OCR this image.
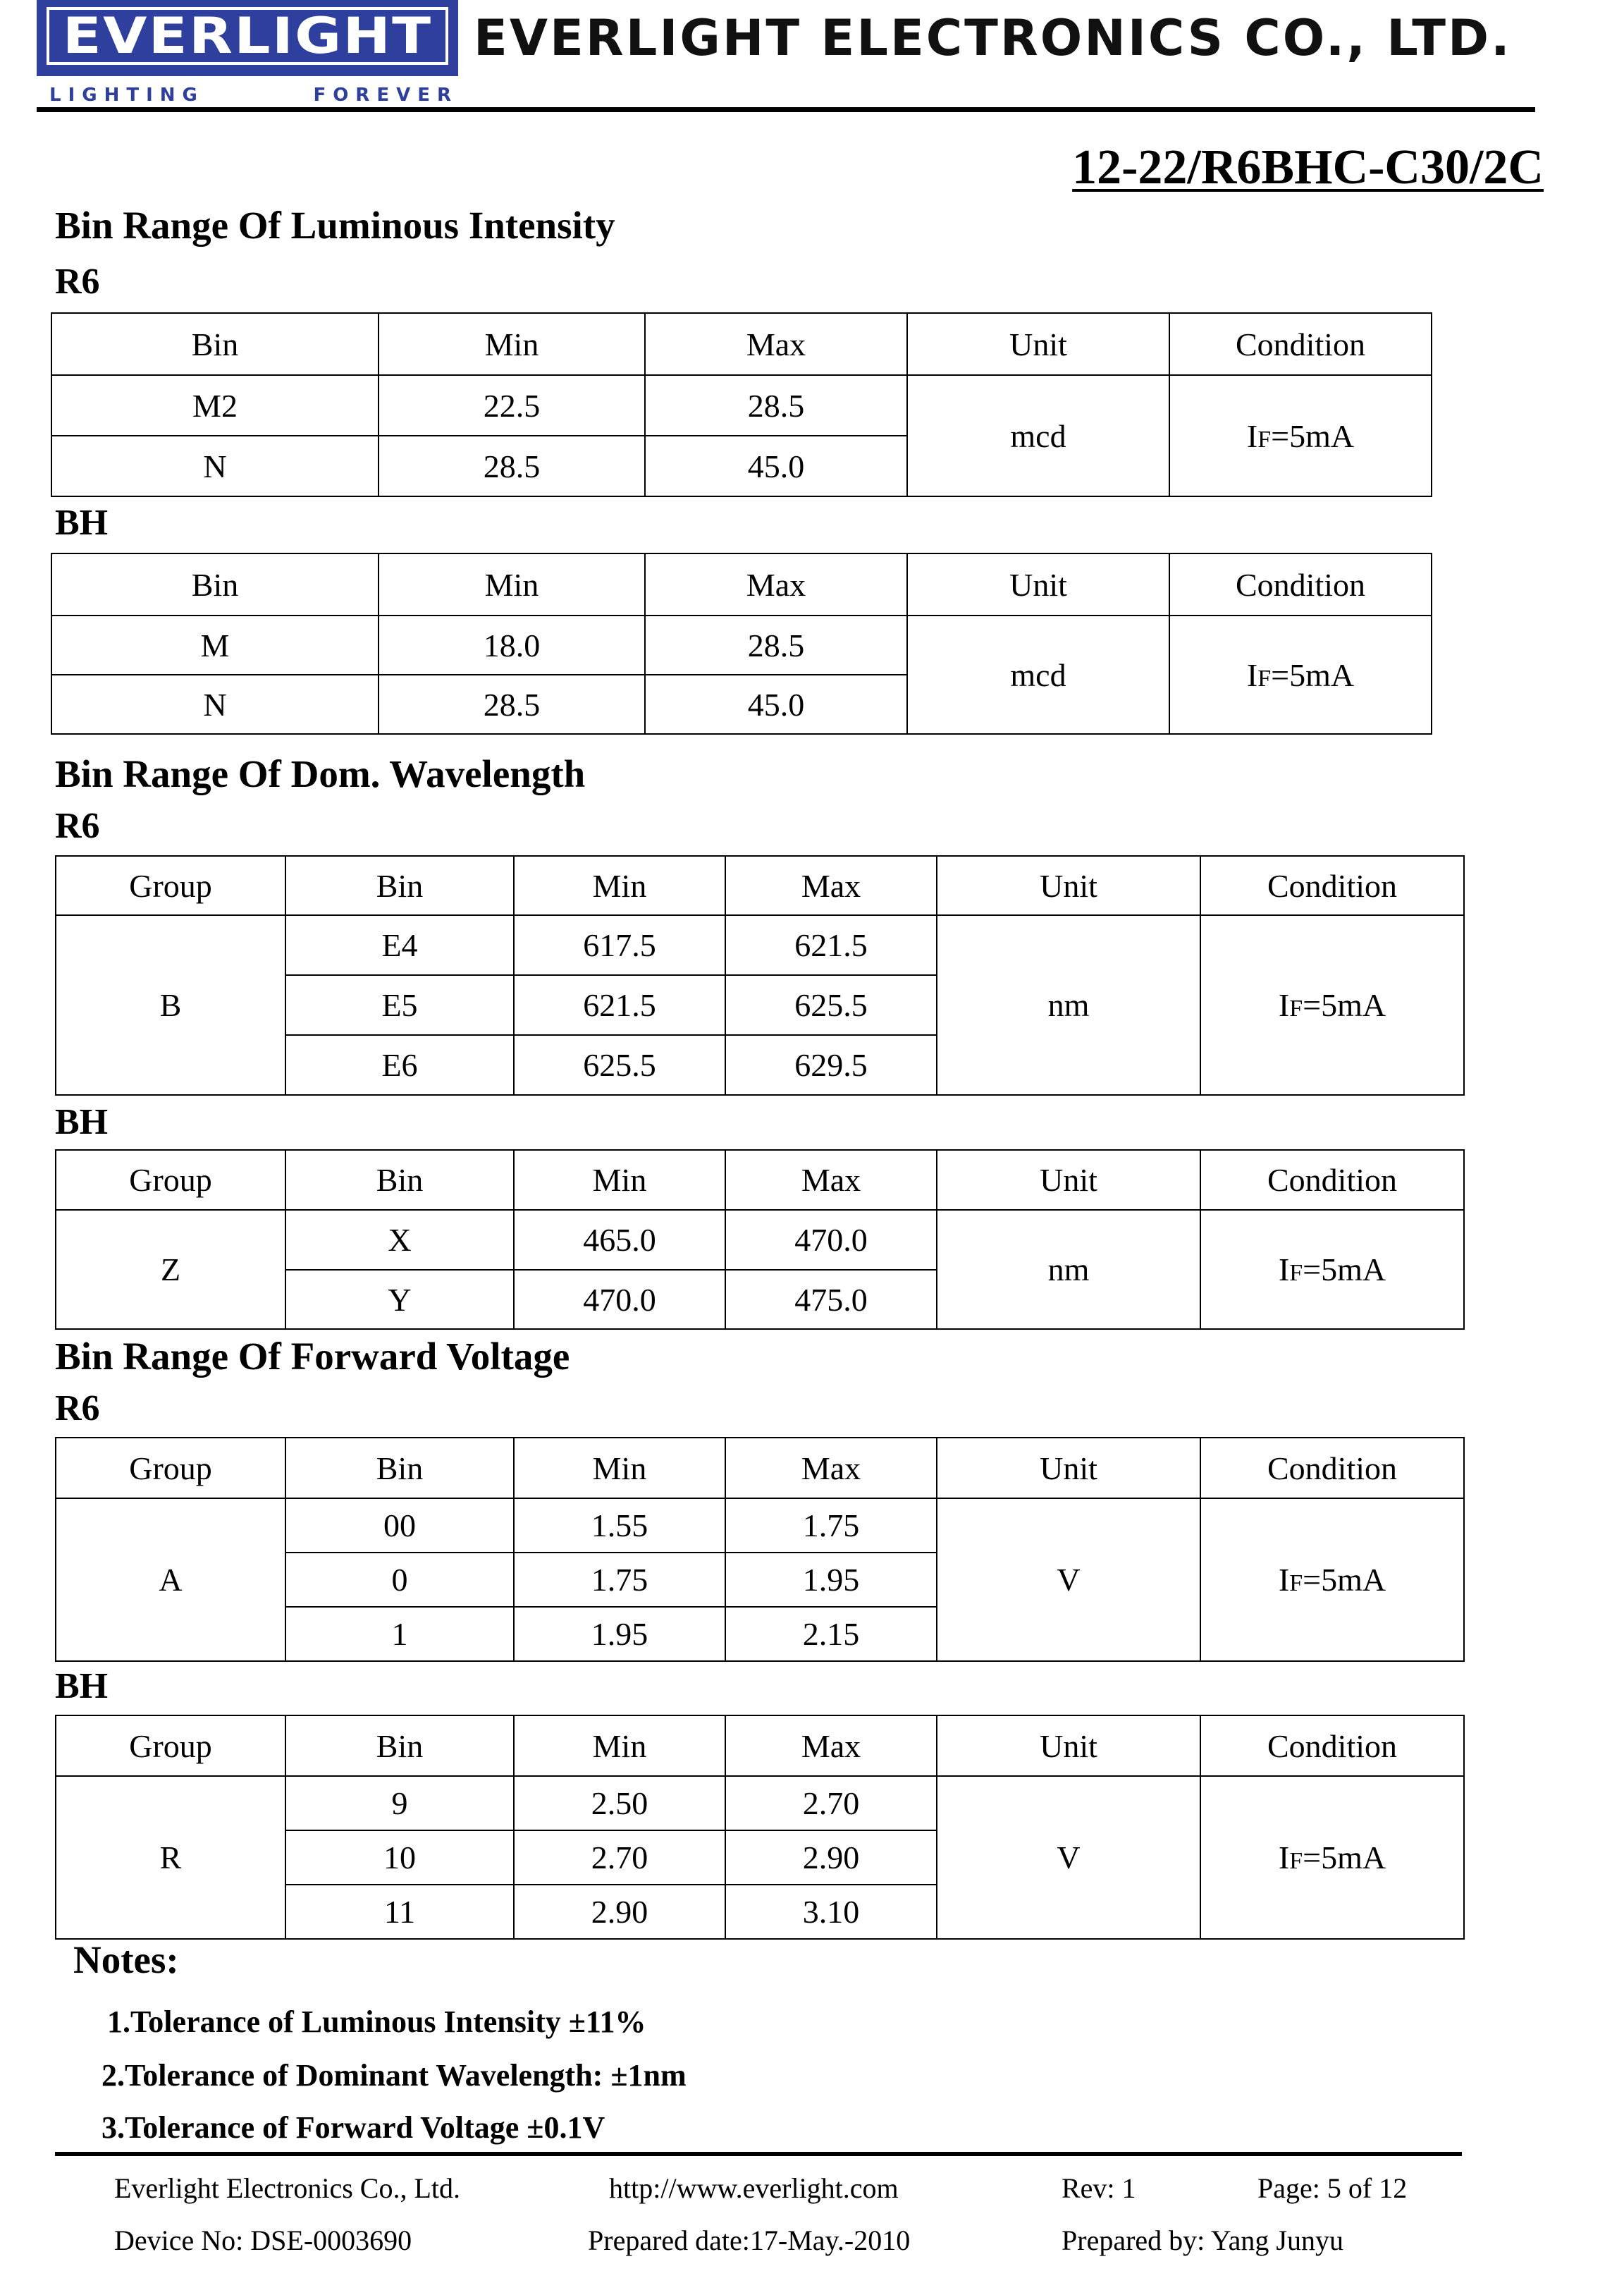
EVERLIGHT
LIGHTING	FOREVER
EVERLIGHT ELECTRONICS CO., LTD.
12-22/R6BHC-C30/2C
Bin Range Of Luminous Intensity
R6
Bin	Min	Max	Unit	Condition
M2	22.5	28.5	mcd	IF=5mA
N	28.5	45.0		
BH
Bin	Min	Max	Unit	Condition
M	18.0	28.5	mcd	IF=5mA
N	28.5	45.0		
Bin Range Of Dom. Wavelength
R6
Group	Bin	Min	Max	Unit	Condition
B	E4	617.5	621.5	nm	IF=5mA
	E5	621.5	625.5		
	E6	625.5	629.5		
BH
Group	Bin	Min	Max	Unit	Condition
Z	X	465.0	470.0	nm	IF=5mA
	Y	470.0	475.0		
Bin Range Of Forward Voltage
R6
Group	Bin	Min	Max	Unit	Condition
A	00	1.55	1.75	V	IF=5mA
	0	1.75	1.95		
	1	1.95	2.15		
BH
Group	Bin	Min	Max	Unit	Condition
R	9	2.50	2.70	V	IF=5mA
	10	2.70	2.90		
	11	2.90	3.10		
Notes:
1.Tolerance of Luminous Intensity ±11%
2.Tolerance of Dominant Wavelength: ±1nm
3.Tolerance of Forward Voltage ±0.1V
Everlight Electronics Co., Ltd.	http://www.everlight.com	Rev: 1	Page: 5 of 12
Device No: DSE-0003690	Prepared date:17-May.-2010	Prepared by: Yang Junyu
